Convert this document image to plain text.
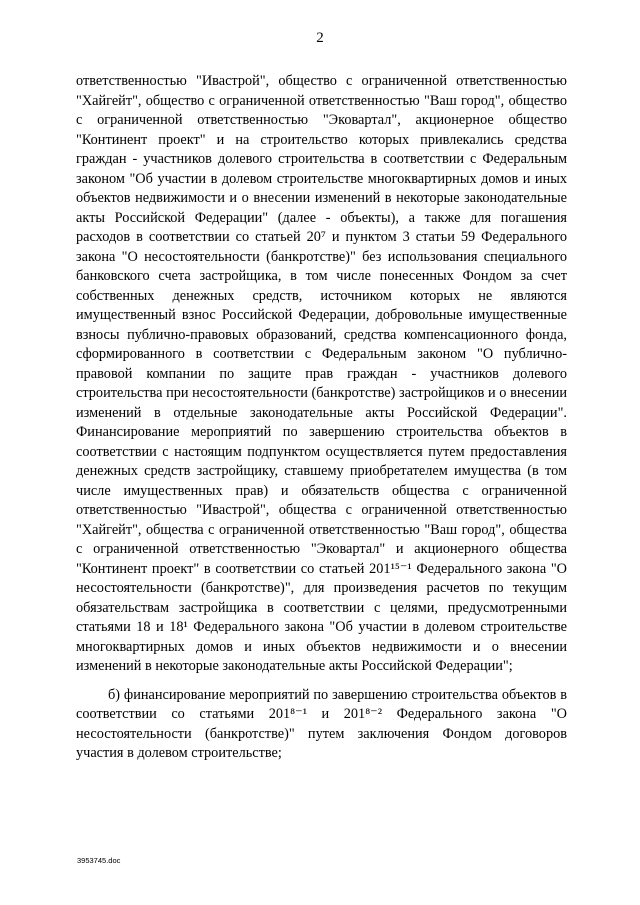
2

ответственностью "Ивастрой", общество с ограниченной ответственностью "Хайгейт", общество с ограниченной ответственностью "Ваш город", общество с ограниченной ответственностью "Эковартал", акционерное общество "Континент проект" и на строительство которых привлекались средства граждан - участников долевого строительства в соответствии с Федеральным законом "Об участии в долевом строительстве многоквартирных домов и иных объектов недвижимости и о внесении изменений в некоторые законодательные акты Российской Федерации" (далее - объекты), а также для погашения расходов в соответствии со статьей 20⁷ и пунктом 3 статьи 59 Федерального закона "О несостоятельности (банкротстве)" без использования специального банковского счета застройщика, в том числе понесенных Фондом за счет собственных денежных средств, источником которых не являются имущественный взнос Российской Федерации, добровольные имущественные взносы публично-правовых образований, средства компенсационного фонда, сформированного в соответствии с Федеральным законом "О публично-правовой компании по защите прав граждан - участников долевого строительства при несостоятельности (банкротстве) застройщиков и о внесении изменений в отдельные законодательные акты Российской Федерации". Финансирование мероприятий по завершению строительства объектов в соответствии с настоящим подпунктом осуществляется путем предоставления денежных средств застройщику, ставшему приобретателем имущества (в том числе имущественных прав) и обязательств общества с ограниченной ответственностью "Ивастрой", общества с ограниченной ответственностью "Хайгейт", общества с ограниченной ответственностью "Ваш город", общества с ограниченной ответственностью "Эковартал" и акционерного общества "Континент проект" в соответствии со статьей 201¹⁵⁻¹ Федерального закона "О несостоятельности (банкротстве)", для произведения расчетов по текущим обязательствам застройщика в соответствии с целями, предусмотренными статьями 18 и 18¹ Федерального закона "Об участии в долевом строительстве многоквартирных домов и иных объектов недвижимости и о внесении изменений в некоторые законодательные акты Российской Федерации";

б) финансирование мероприятий по завершению строительства объектов в соответствии со статьями 201⁸⁻¹ и 201⁸⁻² Федерального закона "О несостоятельности (банкротстве)" путем заключения Фондом договоров участия в долевом строительстве;

3953745.doc
